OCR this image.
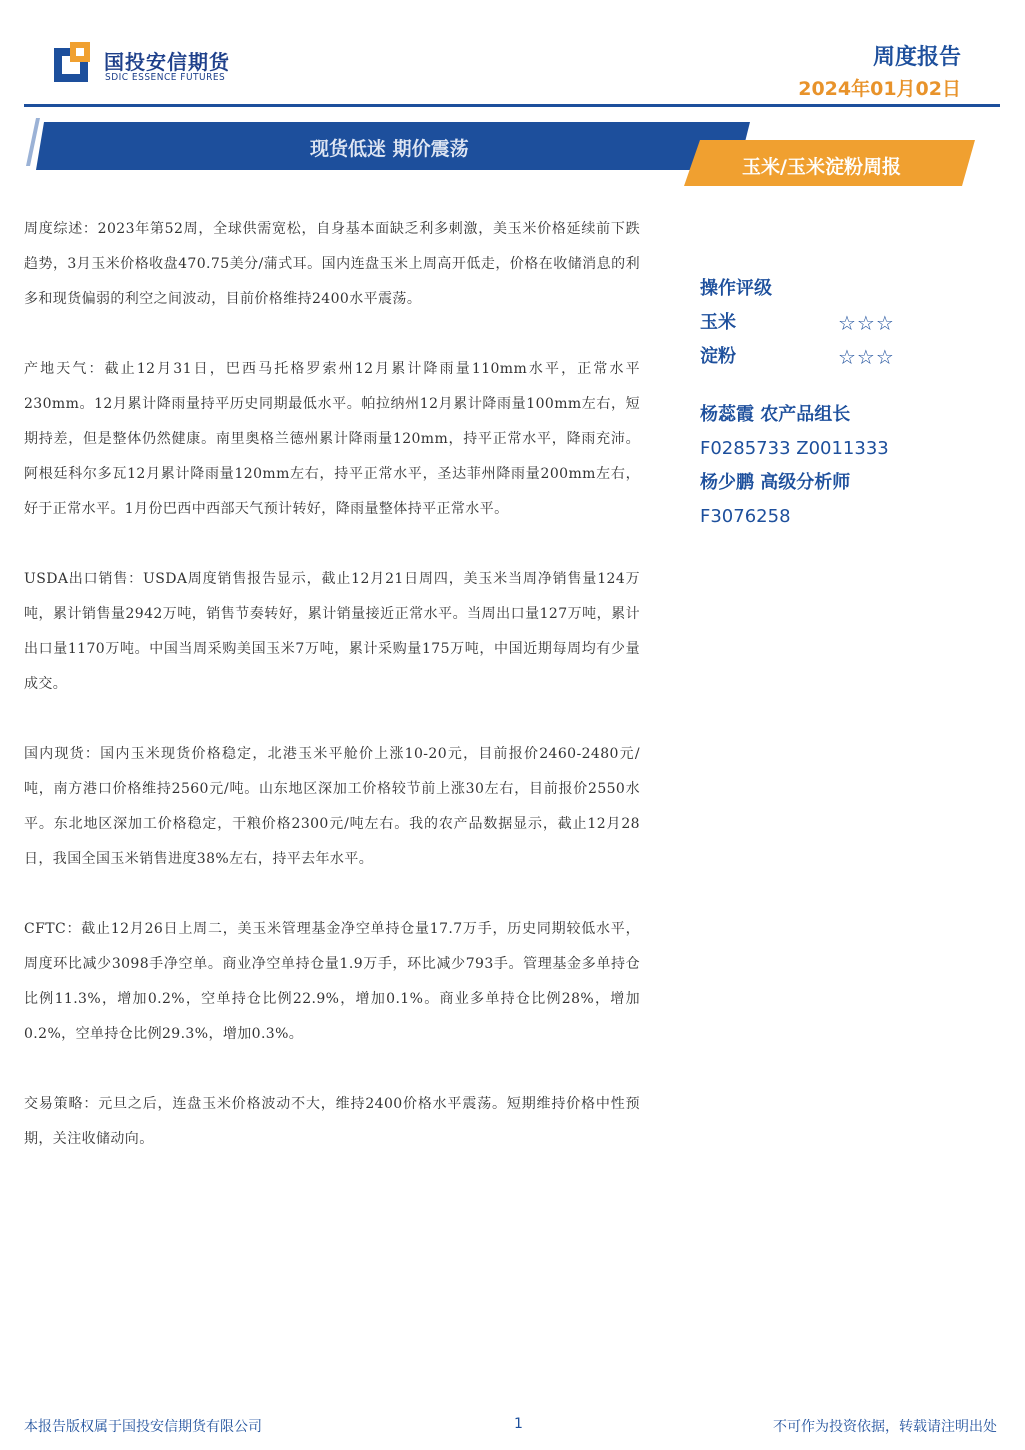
国投安信期货
SDIC ESSENCE FUTURES
周度报告
2024年01月02日
现货低迷 期价震荡
玉米/玉米淀粉周报

周度综述：2023年第52周，全球供需宽松，自身基本面缺乏利多刺激，美玉米价格延续前下跌趋势，3月玉米价格收盘470.75美分/蒲式耳。国内连盘玉米上周高开低走，价格在收储消息的利多和现货偏弱的利空之间波动，目前价格维持2400水平震荡。

产地天气：截止12月31日，巴西马托格罗索州12月累计降雨量110mm水平，正常水平230mm。12月累计降雨量持平历史同期最低水平。帕拉纳州12月累计降雨量100mm左右，短期持差，但是整体仍然健康。南里奥格兰德州累计降雨量120mm，持平正常水平，降雨充沛。阿根廷科尔多瓦12月累计降雨量120mm左右，持平正常水平，圣达菲州降雨量200mm左右，好于正常水平。1月份巴西中西部天气预计转好，降雨量整体持平正常水平。

USDA出口销售：USDA周度销售报告显示，截止12月21日周四，美玉米当周净销售量124万吨，累计销售量2942万吨，销售节奏转好，累计销量接近正常水平。当周出口量127万吨，累计出口量1170万吨。中国当周采购美国玉米7万吨，累计采购量175万吨，中国近期每周均有少量成交。

国内现货：国内玉米现货价格稳定，北港玉米平舱价上涨10-20元，目前报价2460-2480元/吨，南方港口价格维持2560元/吨。山东地区深加工价格较节前上涨30左右，目前报价2550水平。东北地区深加工价格稳定，干粮价格2300元/吨左右。我的农产品数据显示，截止12月28日，我国全国玉米销售进度38%左右，持平去年水平。

CFTC：截止12月26日上周二，美玉米管理基金净空单持仓量17.7万手，历史同期较低水平，周度环比减少3098手净空单。商业净空单持仓量1.9万手，环比减少793手。管理基金多单持仓比例11.3%，增加0.2%，空单持仓比例22.9%，增加0.1%。商业多单持仓比例28%，增加0.2%，空单持仓比例29.3%，增加0.3%。

交易策略：元旦之后，连盘玉米价格波动不大，维持2400价格水平震荡。短期维持价格中性预期，关注收储动向。

操作评级
玉米	☆☆☆
淀粉	☆☆☆
杨蕊霞 农产品组长
F0285733 Z0011333
杨少鹏 高级分析师
F3076258
本报告版权属于国投安信期货有限公司	1	不可作为投资依据，转载请注明出处
